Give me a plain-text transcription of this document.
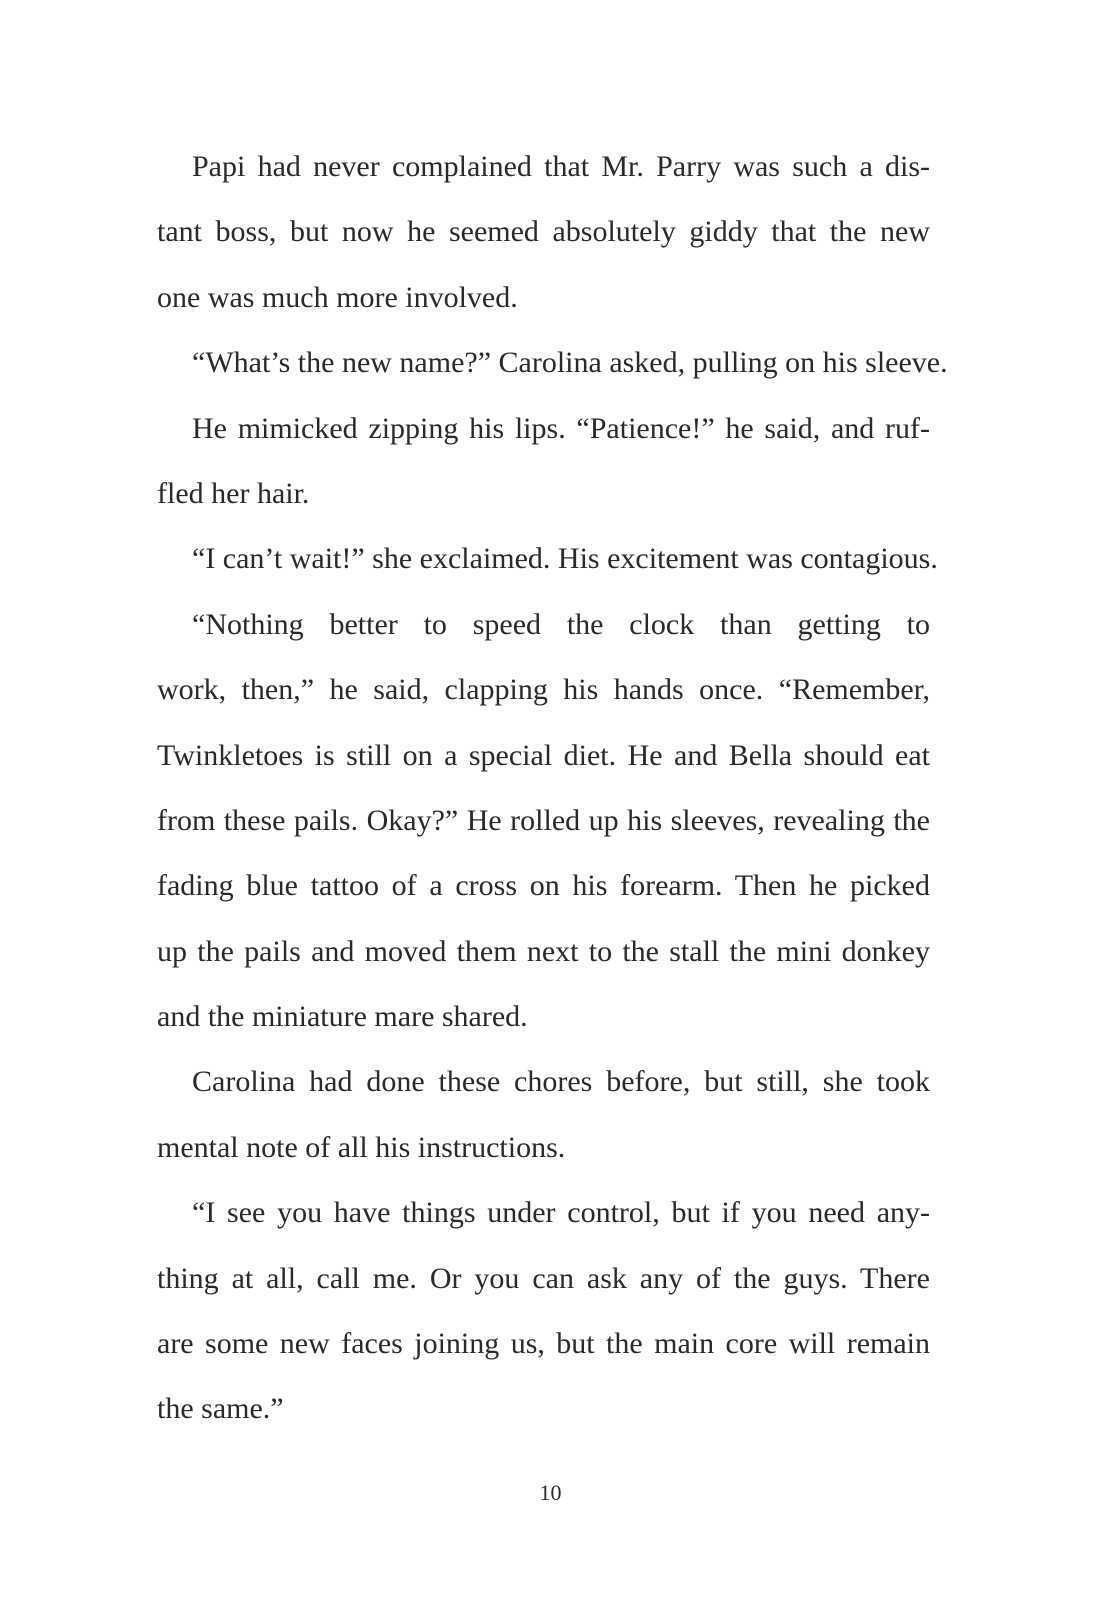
Papi had never complained that Mr. Parry was such a dis-
tant boss, but now he seemed absolutely giddy that the new
one was much more involved.
“What’s the new name?” Carolina asked, pulling on his sleeve.
He mimicked zipping his lips. “Patience!” he said, and ruf-
fled her hair.
“I can’t wait!” she exclaimed. His excitement was contagious.
“Nothing better to speed the clock than getting to
work, then,” he said, clapping his hands once. “Remember,
Twinkletoes is still on a special diet. He and Bella should eat
from these pails. Okay?” He rolled up his sleeves, revealing the
fading blue tattoo of a cross on his forearm. Then he picked
up the pails and moved them next to the stall the mini donkey
and the miniature mare shared.
Carolina had done these chores before, but still, she took
mental note of all his instructions.
“I see you have things under control, but if you need any-
thing at all, call me. Or you can ask any of the guys. There
are some new faces joining us, but the main core will remain
the same.”
10
